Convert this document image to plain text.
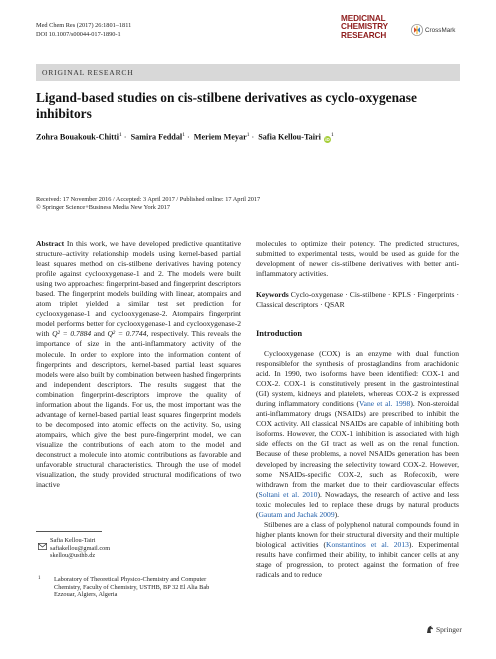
Med Chem Res (2017) 26:1801–1811
DOI 10.1007/s00044-017-1890-1
MEDICINAL
CHEMISTRY
RESEARCH
CrossMark
ORIGINAL RESEARCH
Ligand-based studies on cis-stilbene derivatives as cyclo-oxygenase inhibitors
Zohra Bouakouk-Chitti$^1$ · Samira Feddal$^1$ · Meriem Meyar$^1$ · Safia Kellou-Tairi $iD^1$
Received: 17 November 2016 / Accepted: 3 April 2017 / Published online: 17 April 2017
© Springer Science+Business Media New York 2017

Abstract In this work, we have developed predictive quantitative structure–activity relationship models using kernel-based partial least squares method on cis-stilbene derivatives having potency profile against cyclooxygenase-1 and 2. The models were built using two approaches: fingerprint-based and fingerprint descriptors based. The fingerprint models building with linear, atompairs and atom triplet yielded a similar test set prediction for cyclooxygenase-1 and cyclooxygenase-2. Atompairs fingerprint model performs better for cyclooxygenase-1 and cyclooxygenase-2 with Q² = 0.7884 and Q² = 0.7744, respectively. This reveals the importance of size in the anti-inflammatory activity of the molecule. In order to explore into the information content of fingerprints and descriptors, kernel-based partial least squares models were also built by combination between hashed fingerprints and independent descriptors. The results suggest that the combination fingerprint-descriptors improve the quality of information about the ligands. For us, the most important was the advantage of kernel-based partial least squares fingerprint models to be decomposed into atomic effects on the activity. So, using atompairs, which give the best pure-fingerprint model, we can visualize the contributions of each atom to the model and deconstruct a molecule into atomic contributions as favorable and unfavorable structural characteristics. Through the use of model visualization, the study provided structural modifications of two inactive

molecules to optimize their potency. The predicted structures, submitted to experimental tests, would be used as guide for the development of newer cis-stilbene derivatives with better anti-inflammatory activities.

Keywords Cyclo-oxygenase · Cis-stilbene · KPLS · Fingerprints · Classical descriptors · QSAR
Introduction

Cyclooxygenase (COX) is an enzyme with dual function responsiblefor the synthesis of prostaglandins from arachidonic acid. In 1990, two isoforms have been identified: COX-1 and COX-2. COX-1 is constitutively present in the gastrointestinal (GI) system, kidneys and platelets, whereas COX-2 is expressed during inflammatory conditions (Vane et al. 1998). Non-steroidal anti-inflammatory drugs (NSAIDs) are prescribed to inhibit the COX activity. All classical NSAIDs are capable of inhibiting both isoforms. However, the COX-1 inhibition is associated with high side effects on the GI tract as well as on the renal function. Because of these problems, a novel NSAIDs generation has been developed by increasing the selectivity toward COX-2. However, some NSAIDs-specific COX-2, such as Rofecoxib, were withdrawn from the market due to their cardiovascular effects (Soltani et al. 2010). Nowadays, the research of active and less toxic molecules led to replace these drugs by natural products (Gautam and Jachak 2009).

Stilbenes are a class of polyphenol natural compounds found in higher plants known for their structural diversity and their multiple biological activities (Konstantinos et al. 2013). Experimental results have confirmed their ability, to inhibit cancer cells at any stage of progression, to protect against the formation of free radicals and to reduce

Safia Kellou-Tairi
safiakellou@gmail.com
skellou@usthb.dz
1 Laboratory of Theoretical Physico-Chemistry and Computer Chemistry, Faculty of Chemistry, USTHB, BP 32 El Alia Bab Ezzouar, Algiers, Algeria
Springer
